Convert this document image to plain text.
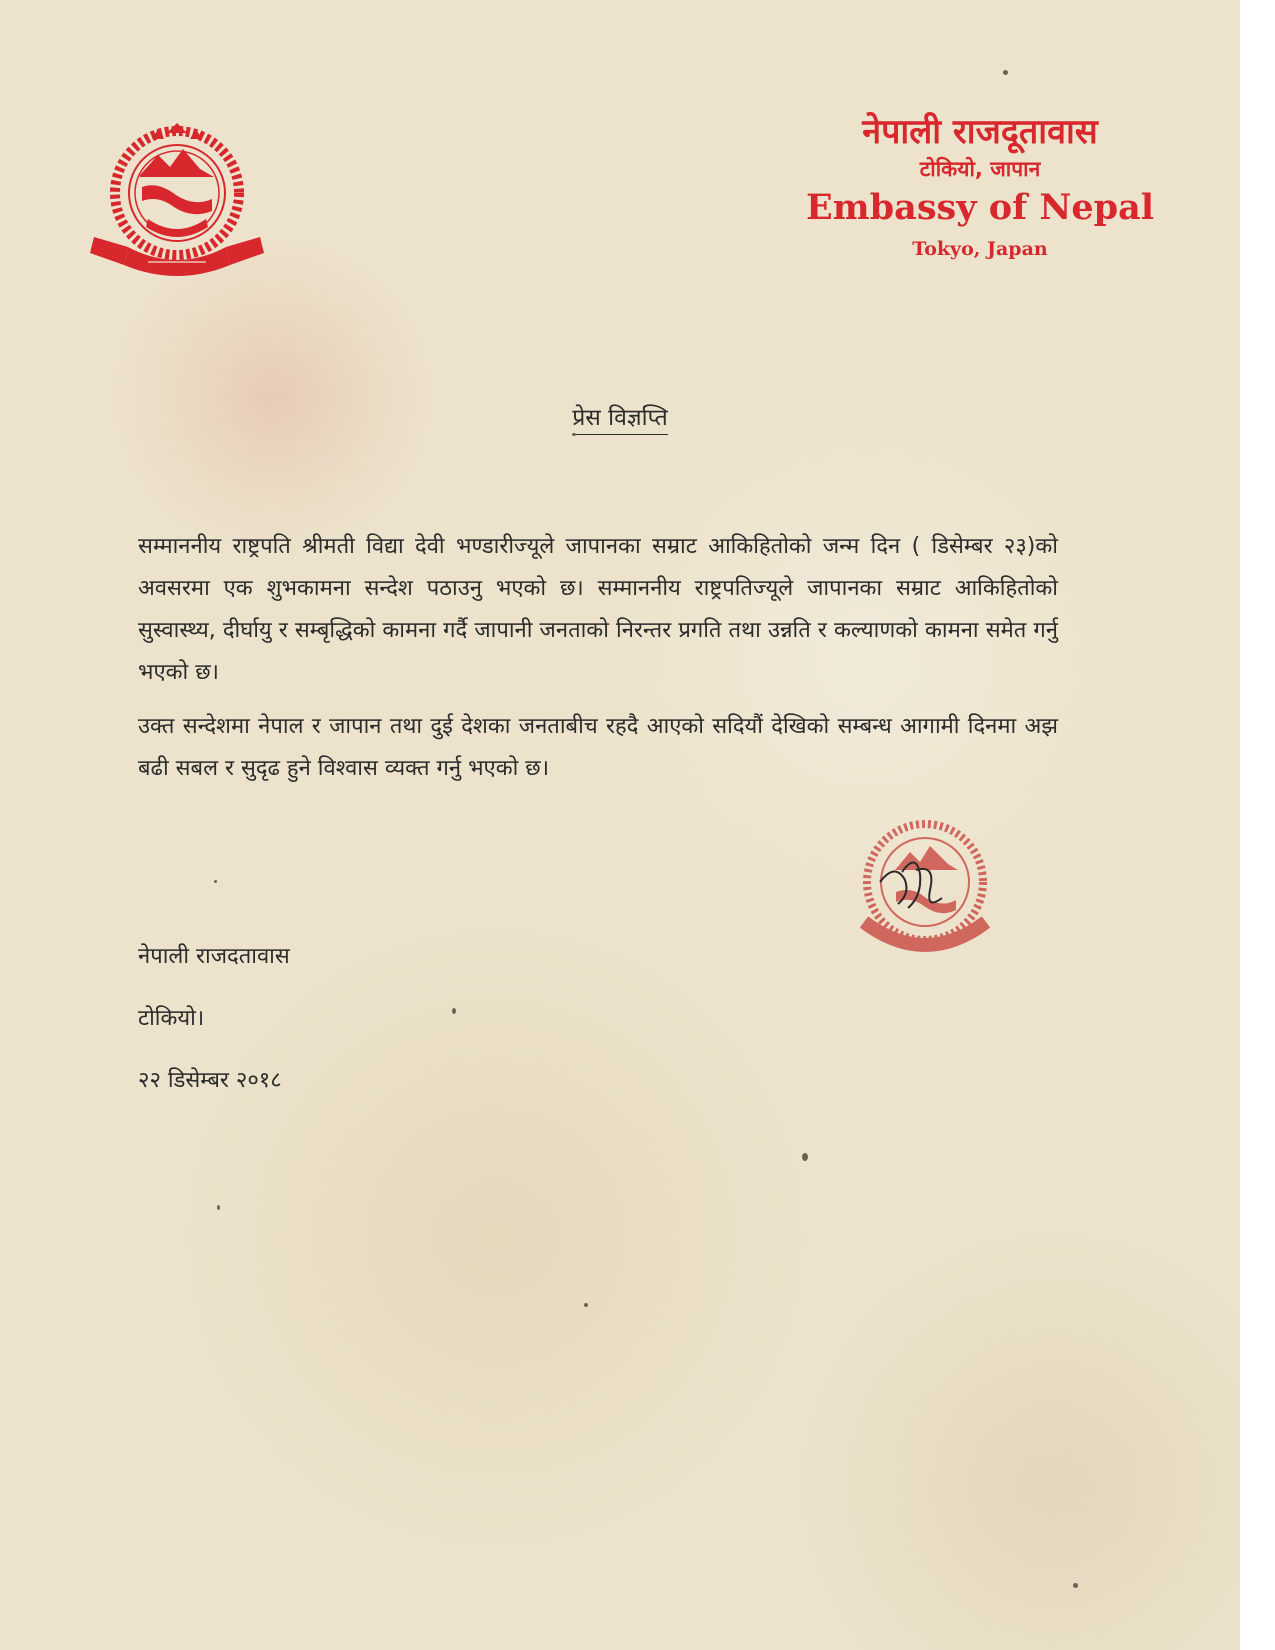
नेपाली राजदूतावास
टोकियो, जापान
Embassy of Nepal
Tokyo, Japan
प्रेस विज्ञप्ति

सम्माननीय राष्ट्रपति श्रीमती विद्या देवी भण्डारीज्यूले जापानका सम्राट आकिहितोको जन्म दिन ( डिसेम्बर २३)को अवसरमा एक शुभकामना सन्देश पठाउनु भएको छ। सम्माननीय राष्ट्रपतिज्यूले जापानका सम्राट आकिहितोको सुस्वास्थ्य, दीर्घायु र सम्बृद्धिको कामना गर्दै जापानी जनताको निरन्तर प्रगति तथा उन्नति र कल्याणको कामना समेत गर्नु भएको छ।

उक्त सन्देशमा नेपाल र जापान तथा दुई देशका जनताबीच रहदै आएको सदियौं देखिको सम्बन्ध आगामी दिनमा अझ बढी सबल र सुदृढ हुने विश्वास व्यक्त गर्नु भएको छ।

नेपाली राजदतावास
टोकियो।
२२ डिसेम्बर २०१८
